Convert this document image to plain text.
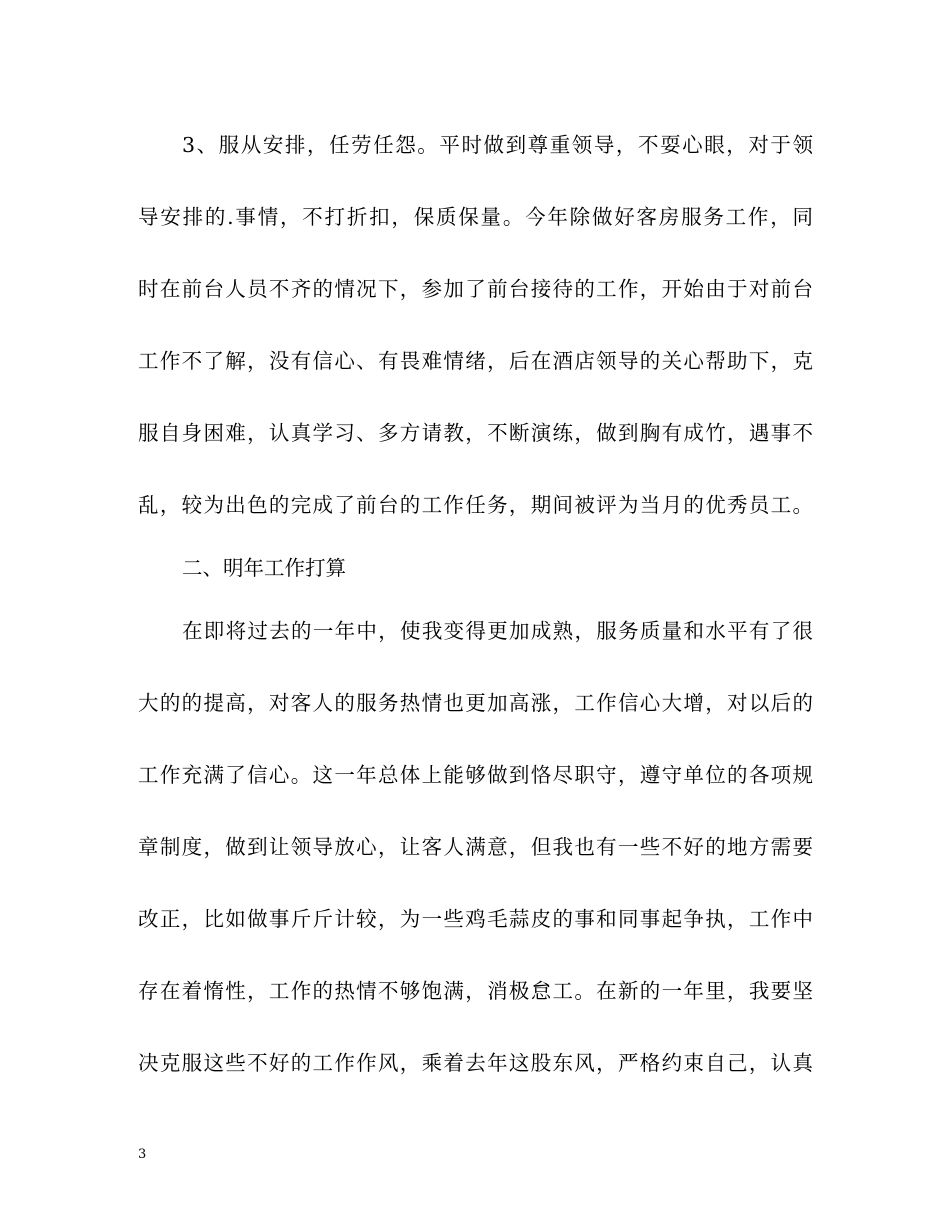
3、服从安排，任劳任怨。平时做到尊重领导，不耍心眼，对于领
导安排的.事情，不打折扣，保质保量。今年除做好客房服务工作，同
时在前台人员不齐的情况下，参加了前台接待的工作，开始由于对前台
工作不了解，没有信心、有畏难情绪，后在酒店领导的关心帮助下，克
服自身困难，认真学习、多方请教，不断演练，做到胸有成竹，遇事不
乱，较为出色的完成了前台的工作任务，期间被评为当月的优秀员工。
二、明年工作打算
在即将过去的一年中，使我变得更加成熟，服务质量和水平有了很
大的的提高，对客人的服务热情也更加高涨，工作信心大增，对以后的
工作充满了信心。这一年总体上能够做到恪尽职守，遵守单位的各项规
章制度，做到让领导放心，让客人满意，但我也有一些不好的地方需要
改正，比如做事斤斤计较，为一些鸡毛蒜皮的事和同事起争执，工作中
存在着惰性，工作的热情不够饱满，消极怠工。在新的一年里，我要坚
决克服这些不好的工作作风，乘着去年这股东风，严格约束自己，认真
3
